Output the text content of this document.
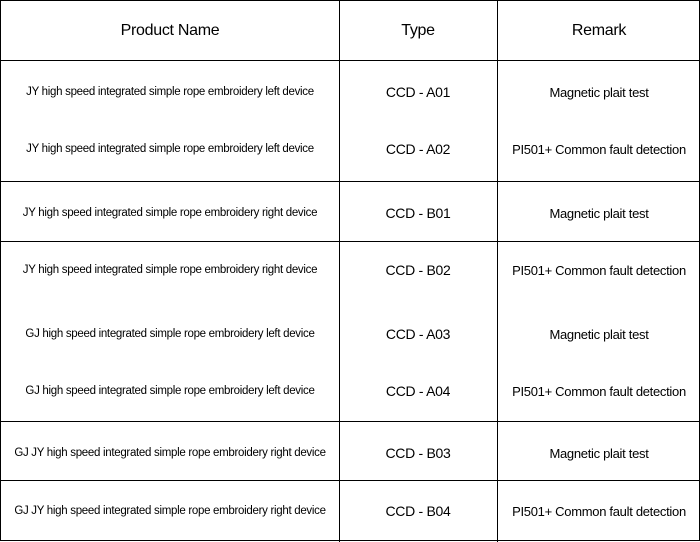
Product Name	Type	Remark
JY high speed integrated simple rope embroidery left device	CCD - A01	Magnetic plait test
JY high speed integrated simple rope embroidery left device	CCD - A02	PI501+ Common fault detection
JY high speed integrated simple rope embroidery right device	CCD - B01	Magnetic plait test
JY high speed integrated simple rope embroidery right device	CCD - B02	PI501+ Common fault detection
GJ high speed integrated simple rope embroidery left device	CCD - A03	Magnetic plait test
GJ high speed integrated simple rope embroidery left device	CCD - A04	PI501+ Common fault detection
GJ JY high speed integrated simple rope embroidery right device	CCD - B03	Magnetic plait test
GJ JY high speed integrated simple rope embroidery right device	CCD - B04	PI501+ Common fault detection
